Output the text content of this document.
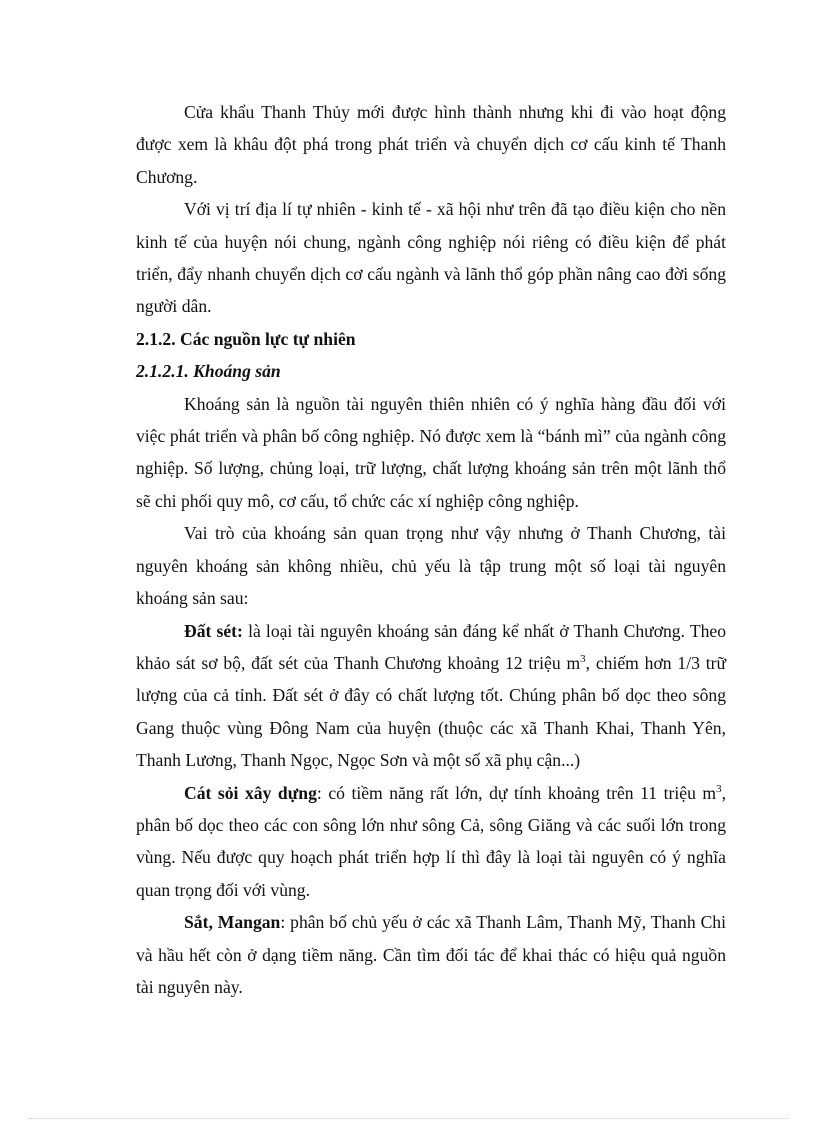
Cửa khẩu Thanh Thủy mới được hình thành nhưng khi đi vào hoạt động được xem là khâu đột phá trong phát triển và chuyển dịch cơ cấu kinh tế Thanh Chương.

Với vị trí địa lí tự nhiên - kinh tế - xã hội như trên đã tạo điều kiện cho nền kinh tế của huyện nói chung, ngành công nghiệp nói riêng có điều kiện để phát triển, đẩy nhanh chuyển dịch cơ cấu ngành và lãnh thổ góp phần nâng cao đời sống người dân.

2.1.2. Các nguồn lực tự nhiên

2.1.2.1. Khoáng sản

Khoáng sản là nguồn tài nguyên thiên nhiên có ý nghĩa hàng đầu đối với việc phát triển và phân bố công nghiệp. Nó được xem là “bánh mì” của ngành công nghiệp. Số lượng, chủng loại, trữ lượng, chất lượng khoáng sản trên một lãnh thổ sẽ chi phối quy mô, cơ cấu, tổ chức các xí nghiệp công nghiệp.

Vai trò của khoáng sản quan trọng như vậy nhưng ở Thanh Chương, tài nguyên khoáng sản không nhiều, chủ yếu là tập trung một số loại tài nguyên khoáng sản sau:

Đất sét: là loại tài nguyên khoáng sản đáng kể nhất ở Thanh Chương. Theo khảo sát sơ bộ, đất sét của Thanh Chương khoảng 12 triệu $m^3$, chiếm hơn 1/3 trữ lượng của cả tỉnh. Đất sét ở đây có chất lượng tốt. Chúng phân bố dọc theo sông Gang thuộc vùng Đông Nam của huyện (thuộc các xã Thanh Khai, Thanh Yên, Thanh Lương, Thanh Ngọc, Ngọc Sơn và một số xã phụ cận...)

Cát sỏi xây dựng: có tiềm năng rất lớn, dự tính khoảng trên 11 triệu $m^3$, phân bố dọc theo các con sông lớn như sông Cả, sông Giăng và các suối lớn trong vùng. Nếu được quy hoạch phát triển hợp lí thì đây là loại tài nguyên có ý nghĩa quan trọng đối với vùng.

Sắt, Mangan: phân bố chủ yếu ở các xã Thanh Lâm, Thanh Mỹ, Thanh Chi và hầu hết còn ở dạng tiềm năng. Cần tìm đối tác để khai thác có hiệu quả nguồn tài nguyên này.
